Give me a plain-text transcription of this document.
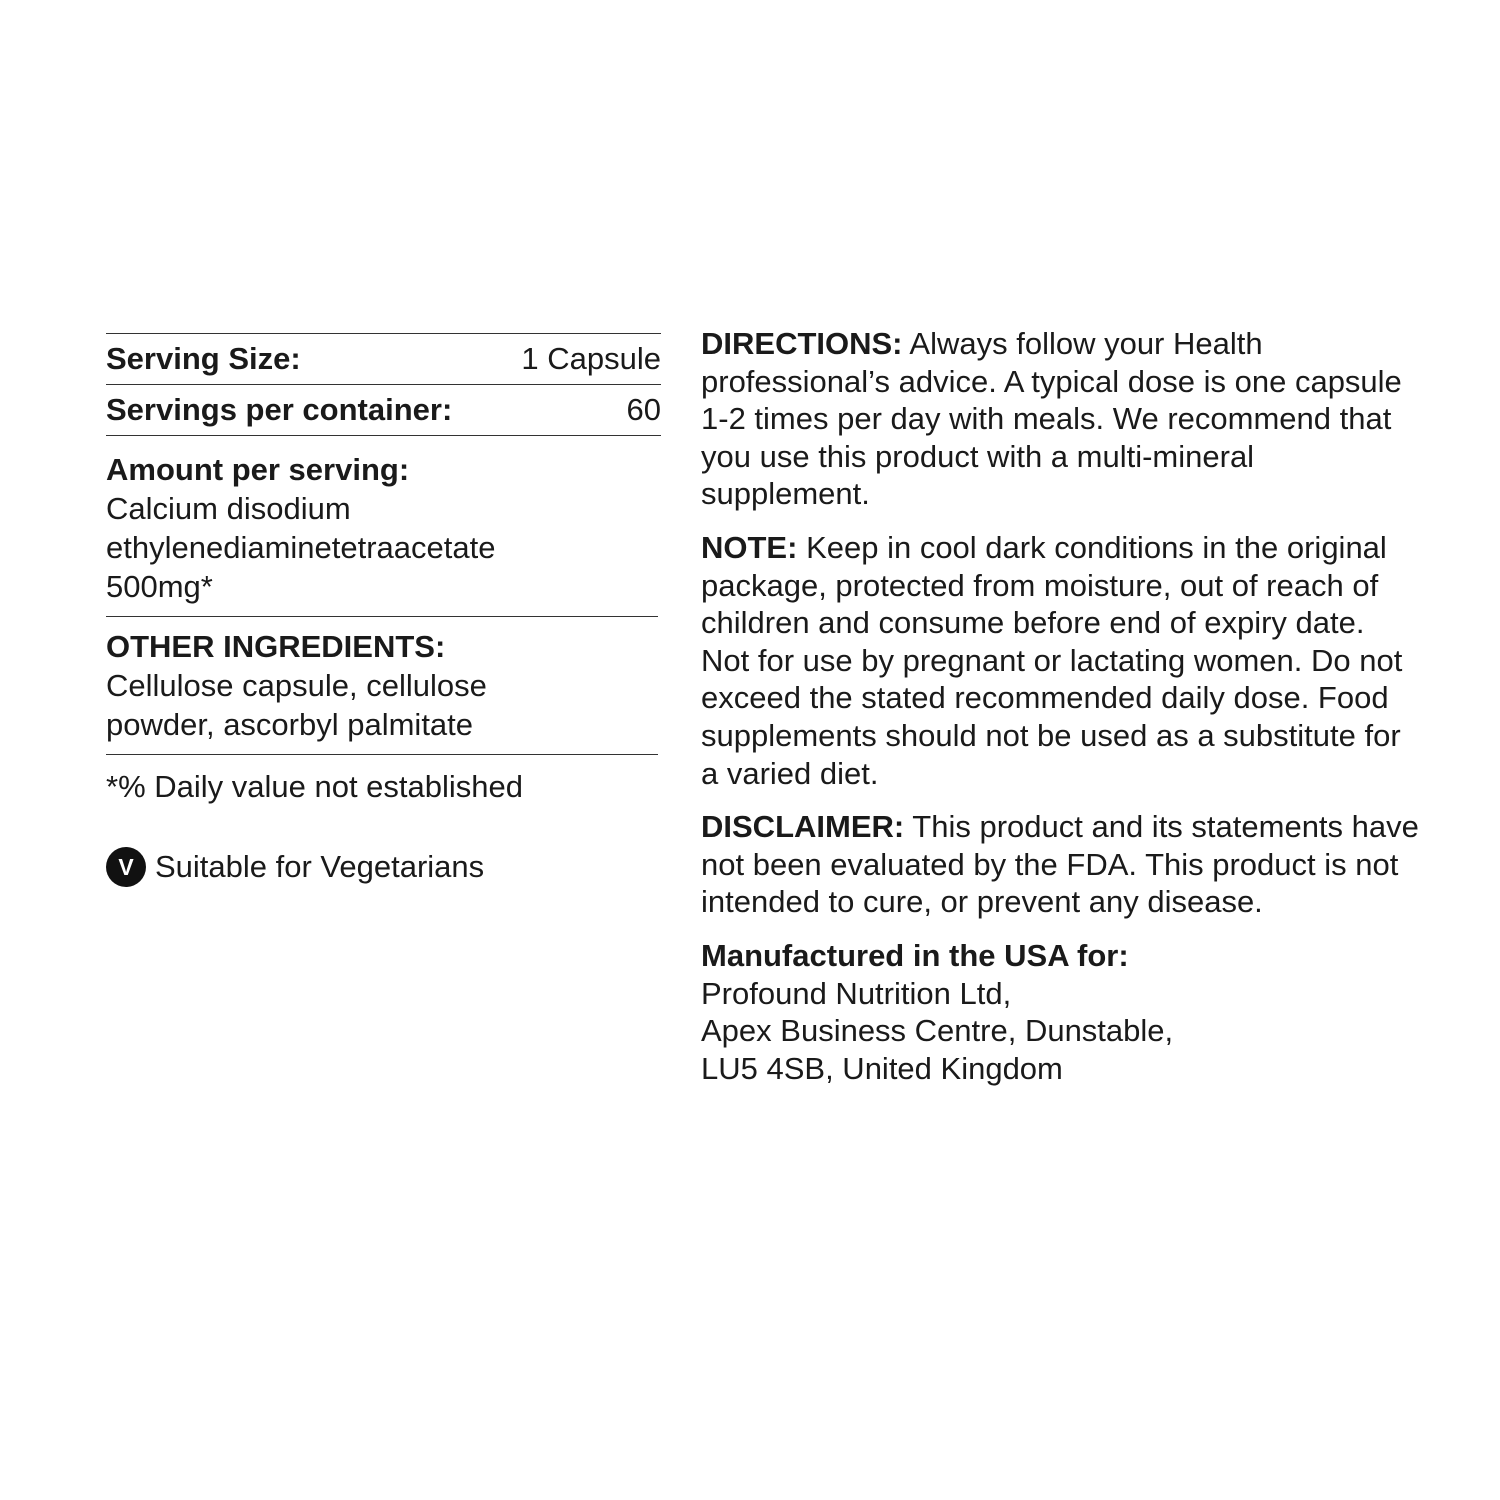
Serving Size:	1 Capsule
Servings per container:	60
Amount per serving:
Calcium disodium
ethylenediaminetetraacetate
500mg*
OTHER INGREDIENTS:
Cellulose capsule, cellulose
powder, ascorbyl palmitate
*% Daily value not established
V Suitable for Vegetarians

DIRECTIONS: Always follow your Health professional’s advice. A typical dose is one capsule 1-2 times per day with meals. We recommend that you use this product with a multi-mineral supplement.

NOTE: Keep in cool dark conditions in the original package, protected from moisture, out of reach of children and consume before end of expiry date. Not for use by pregnant or lactating women. Do not exceed the stated recommended daily dose. Food supplements should not be used as a substitute for a varied diet.

DISCLAIMER: This product and its statements have not been evaluated by the FDA. This product is not intended to cure, or prevent any disease.

Manufactured in the USA for:
Profound Nutrition Ltd,
Apex Business Centre, Dunstable,
LU5 4SB, United Kingdom
